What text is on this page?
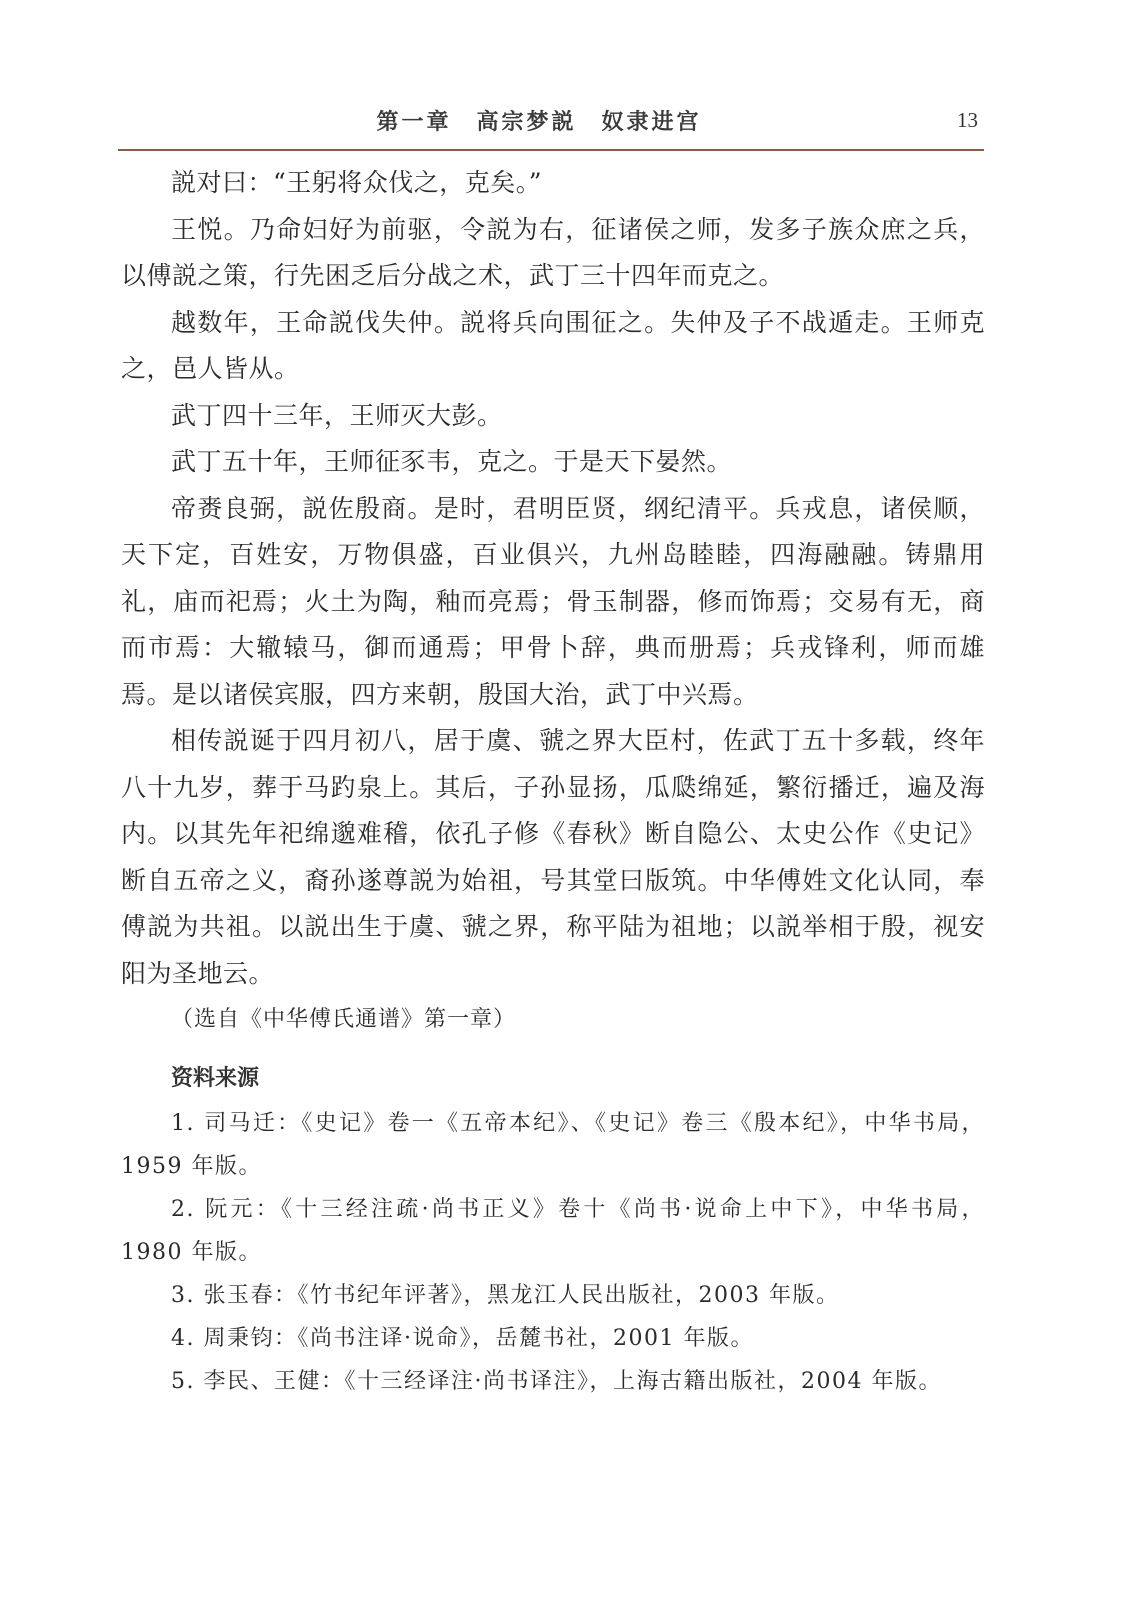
第一章　高宗梦説　奴隶进宫	13

説对曰：“王躬将众伐之，克矣。”

王悦。乃命妇好为前驱，令説为右，征诸侯之师，发多子族众庶之兵，以傅説之策，行先困乏后分战之术，武丁三十四年而克之。

越数年，王命説伐失仲。説将兵向围征之。失仲及子不战遁走。王师克之，邑人皆从。

武丁四十三年，王师灭大彭。

武丁五十年，王师征豕韦，克之。于是天下晏然。

帝赉良弼，説佐殷商。是时，君明臣贤，纲纪清平。兵戎息，诸侯顺，天下定，百姓安，万物俱盛，百业俱兴，九州岛睦睦，四海融融。铸鼎用礼，庙而祀焉；火土为陶，釉而亮焉；骨玉制器，修而饰焉；交易有无，商而市焉：大辙辕马，御而通焉；甲骨卜辞，典而册焉；兵戎锋利，师而雄焉。是以诸侯宾服，四方来朝，殷国大治，武丁中兴焉。

相传説诞于四月初八，居于虞、虢之界大臣村，佐武丁五十多载，终年八十九岁，葬于马趵泉上。其后，子孙显扬，瓜瓞绵延，繁衍播迁，遍及海内。以其先年祀绵邈难稽，依孔子修《春秋》断自隐公、太史公作《史记》断自五帝之义，裔孙遂尊説为始祖，号其堂曰版筑。中华傅姓文化认同，奉傅説为共祖。以説出生于虞、虢之界，称平陆为祖地；以説举相于殷，视安阳为圣地云。

（选自《中华傅氏通谱》第一章）

资料来源

1. 司马迁：《史记》卷一《五帝本纪》、《史记》卷三《殷本纪》，中华书局，1959 年版。

2. 阮元：《十三经注疏·尚书正义》卷十《尚书·说命上中下》，中华书局，1980 年版。

3. 张玉春：《竹书纪年评著》，黑龙江人民出版社，2003 年版。

4. 周秉钧：《尚书注译·说命》，岳麓书社，2001 年版。

5. 李民、王健：《十三经译注·尚书译注》，上海古籍出版社，2004 年版。
